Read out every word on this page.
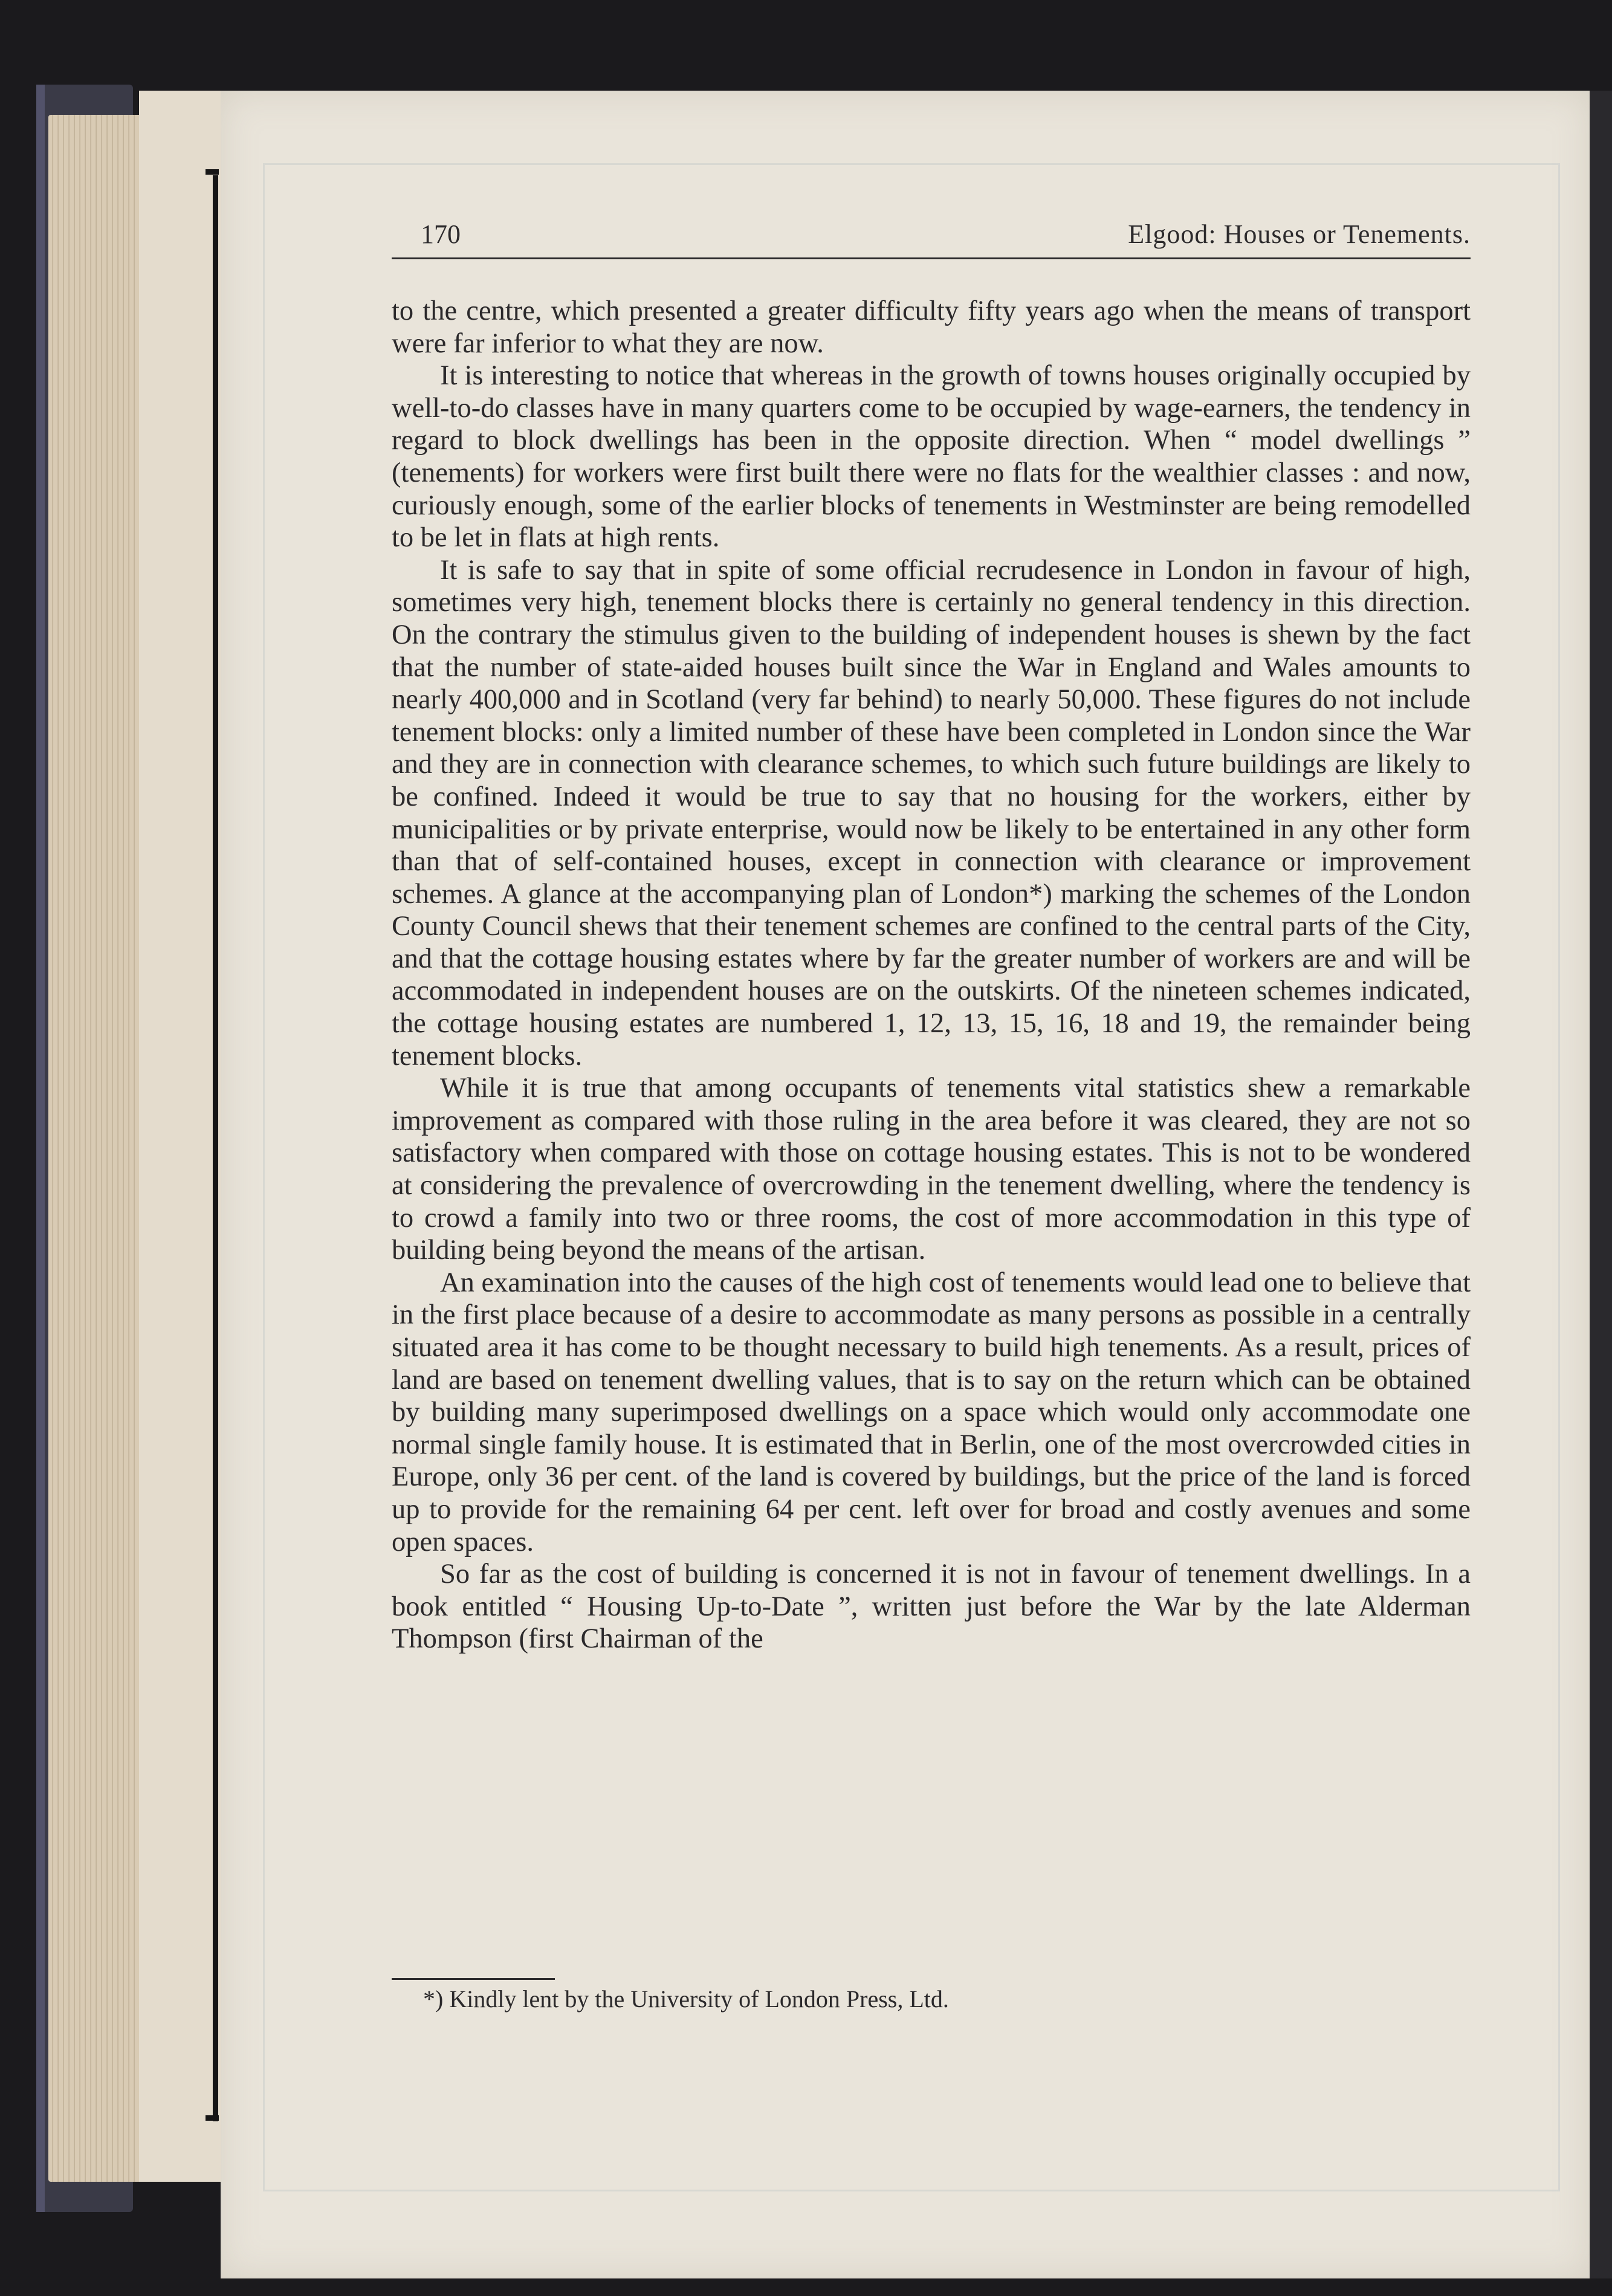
170	Elgood: Houses or Tenements.

to the centre, which presented a greater difficulty fifty years ago when the means of transport were far inferior to what they are now.

It is interesting to notice that whereas in the growth of towns houses originally occupied by well-to-do classes have in many quarters come to be occupied by wage-earners, the tendency in regard to block dwellings has been in the opposite direction. When “ model dwellings ” (tenements) for workers were first built there were no flats for the wealthier classes : and now, curiously enough, some of the earlier blocks of tenements in Westminster are being remodelled to be let in flats at high rents.

It is safe to say that in spite of some official recrudesence in London in favour of high, sometimes very high, tenement blocks there is certainly no general tendency in this direction. On the contrary the stimulus given to the building of independent houses is shewn by the fact that the number of state-aided houses built since the War in England and Wales amounts to nearly 400,000 and in Scotland (very far behind) to nearly 50,000. These figures do not include tenement blocks: only a limited number of these have been completed in London since the War and they are in connection with clearance schemes, to which such future buildings are likely to be confined. Indeed it would be true to say that no housing for the workers, either by municipalities or by private enterprise, would now be likely to be entertained in any other form than that of self-contained houses, except in connection with clearance or improvement schemes. A glance at the accompanying plan of London*) marking the schemes of the London County Council shews that their tenement schemes are confined to the central parts of the City, and that the cottage housing estates where by far the greater number of workers are and will be accommodated in independent houses are on the outskirts. Of the nineteen schemes indicated, the cottage housing estates are numbered 1, 12, 13, 15, 16, 18 and 19, the remainder being tenement blocks.

While it is true that among occupants of tenements vital statistics shew a remarkable improvement as compared with those ruling in the area before it was cleared, they are not so satisfactory when compared with those on cottage housing estates. This is not to be wondered at considering the prevalence of overcrowding in the tenement dwelling, where the tendency is to crowd a family into two or three rooms, the cost of more accommodation in this type of building being beyond the means of the artisan.

An examination into the causes of the high cost of tenements would lead one to believe that in the first place because of a desire to accommodate as many persons as possible in a centrally situated area it has come to be thought necessary to build high tenements. As a result, prices of land are based on tenement dwelling values, that is to say on the return which can be obtained by building many superimposed dwellings on a space which would only accommodate one normal single family house. It is estimated that in Berlin, one of the most overcrowded cities in Europe, only 36 per cent. of the land is covered by buildings, but the price of the land is forced up to provide for the remaining 64 per cent. left over for broad and costly avenues and some open spaces.

So far as the cost of building is concerned it is not in favour of tenement dwellings. In a book entitled “ Housing Up-to-Date ”, written just before the War by the late Alderman Thompson (first Chairman of the

*) Kindly lent by the University of London Press, Ltd.
